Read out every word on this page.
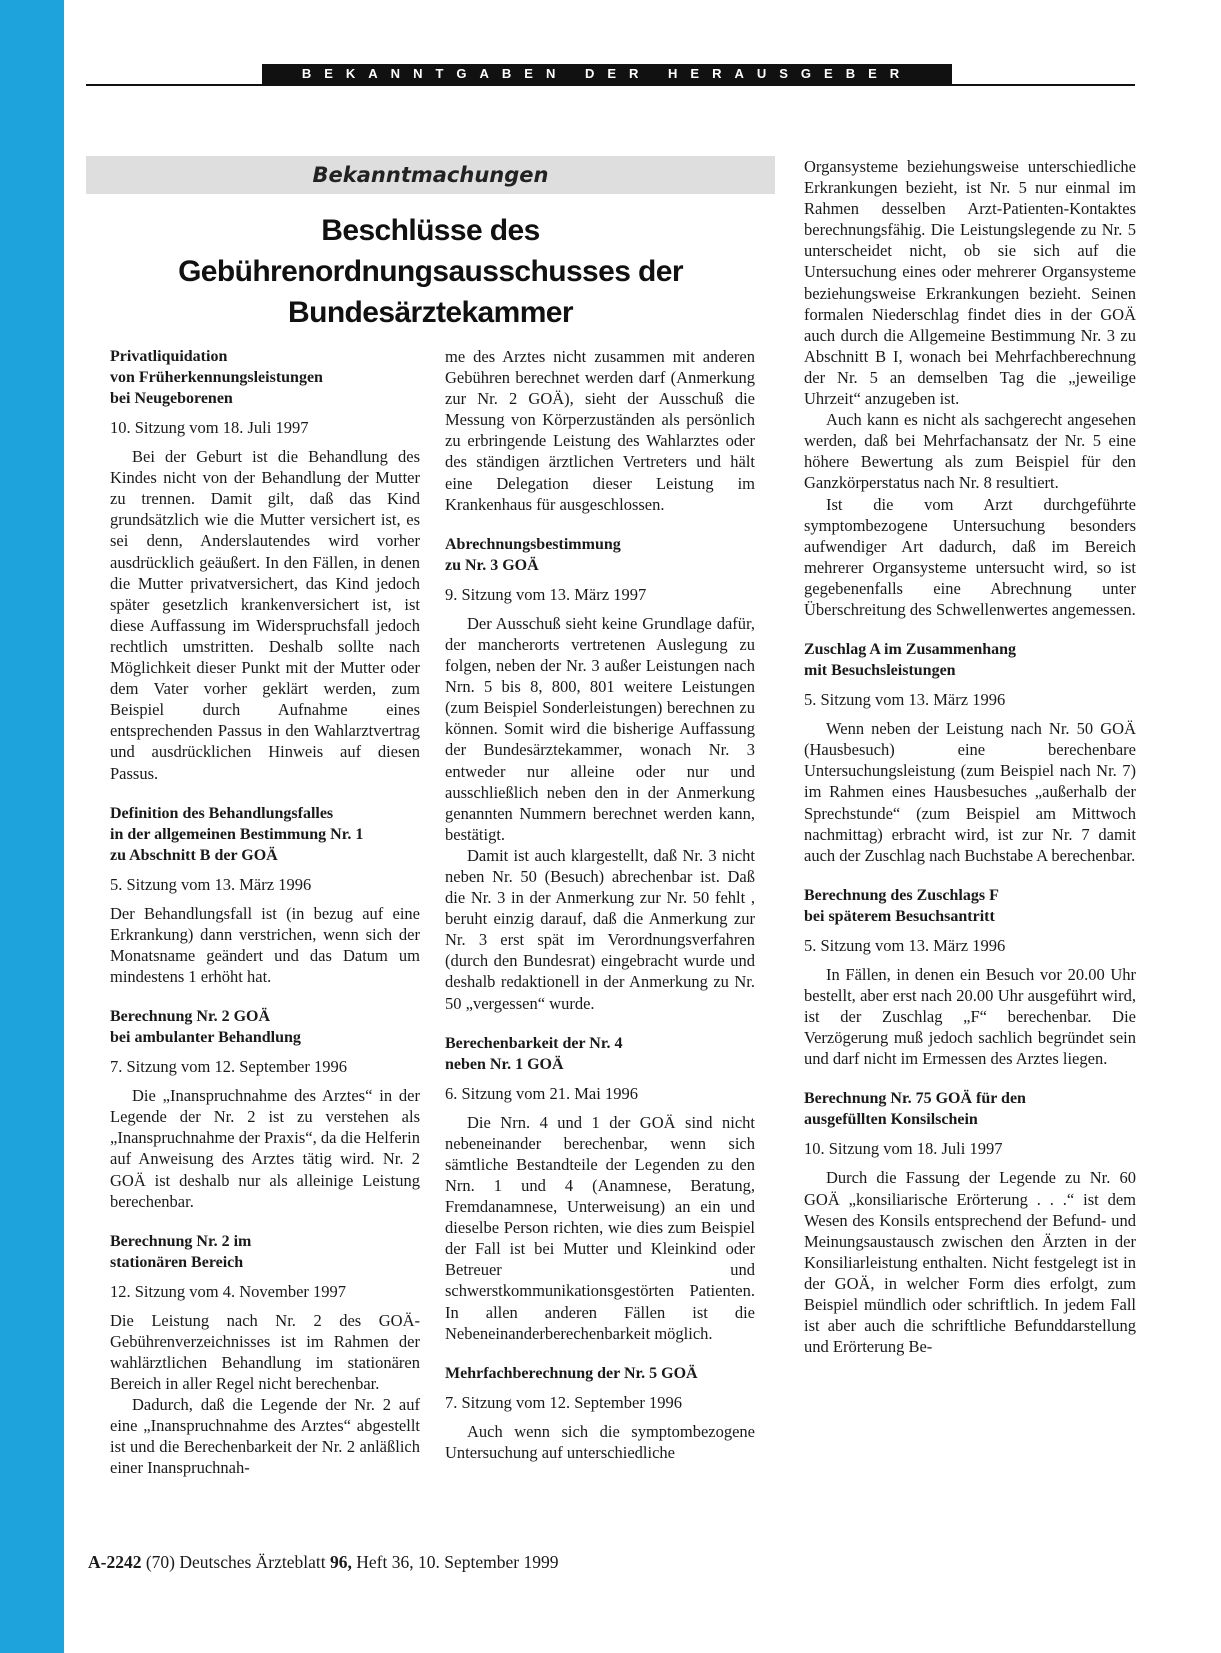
BEKANNTGABEN DER HERAUSGEBER
Bekanntmachungen
Beschlüsse des
Gebührenordnungsausschusses der
Bundesärztekammer
Privatliquidation
von Früherkennungsleistungen
bei Neugeborenen

10. Sitzung vom 18. Juli 1997

Bei der Geburt ist die Behandlung des Kindes nicht von der Behandlung der Mutter zu trennen. Damit gilt, daß das Kind grundsätzlich wie die Mutter versichert ist, es sei denn, Anderslautendes wird vorher ausdrücklich geäußert. In den Fällen, in denen die Mutter privatversichert, das Kind jedoch später gesetzlich krankenversichert ist, ist diese Auffassung im Widerspruchsfall jedoch rechtlich umstritten. Deshalb sollte nach Möglichkeit dieser Punkt mit der Mutter oder dem Vater vorher geklärt werden, zum Beispiel durch Aufnahme eines entsprechenden Passus in den Wahlarztvertrag und ausdrücklichen Hinweis auf diesen Passus.

Definition des Behandlungsfalles
in der allgemeinen Bestimmung Nr. 1
zu Abschnitt B der GOÄ

5. Sitzung vom 13. März 1996

Der Behandlungsfall ist (in bezug auf eine Erkrankung) dann verstrichen, wenn sich der Monatsname geändert und das Datum um mindestens 1 erhöht hat.

Berechnung Nr. 2 GOÄ
bei ambulanter Behandlung

7. Sitzung vom 12. September 1996

Die „Inanspruchnahme des Arztes“ in der Legende der Nr. 2 ist zu verstehen als „Inanspruchnahme der Praxis“, da die Helferin auf Anweisung des Arztes tätig wird. Nr. 2 GOÄ ist deshalb nur als alleinige Leistung berechenbar.

Berechnung Nr. 2 im
stationären Bereich

12. Sitzung vom 4. November 1997

Die Leistung nach Nr. 2 des GOÄ-Gebührenverzeichnisses ist im Rahmen der wahlärztlichen Behandlung im stationären Bereich in aller Regel nicht berechenbar.

Dadurch, daß die Legende der Nr. 2 auf eine „Inanspruchnahme des Arztes“ abgestellt ist und die Berechenbarkeit der Nr. 2 anläßlich einer Inanspruchnah-

me des Arztes nicht zusammen mit anderen Gebühren berechnet werden darf (Anmerkung zur Nr. 2 GOÄ), sieht der Ausschuß die Messung von Körperzuständen als persönlich zu erbringende Leistung des Wahlarztes oder des ständigen ärztlichen Vertreters und hält eine Delegation dieser Leistung im Krankenhaus für ausgeschlossen.

Abrechnungsbestimmung
zu Nr. 3 GOÄ

9. Sitzung vom 13. März 1997

Der Ausschuß sieht keine Grundlage dafür, der mancherorts vertretenen Auslegung zu folgen, neben der Nr. 3 außer Leistungen nach Nrn. 5 bis 8, 800, 801 weitere Leistungen (zum Beispiel Sonderleistungen) berechnen zu können. Somit wird die bisherige Auffassung der Bundesärztekammer, wonach Nr. 3 entweder nur alleine oder nur und ausschließlich neben den in der Anmerkung genannten Nummern berechnet werden kann, bestätigt.

Damit ist auch klargestellt, daß Nr. 3 nicht neben Nr. 50 (Besuch) abrechenbar ist. Daß die Nr. 3 in der Anmerkung zur Nr. 50 fehlt , beruht einzig darauf, daß die Anmerkung zur Nr. 3 erst spät im Verordnungsverfahren (durch den Bundesrat) eingebracht wurde und deshalb redaktionell in der Anmerkung zu Nr. 50 „vergessen“ wurde.

Berechenbarkeit der Nr. 4
neben Nr. 1 GOÄ

6. Sitzung vom 21. Mai 1996

Die Nrn. 4 und 1 der GOÄ sind nicht nebeneinander berechenbar, wenn sich sämtliche Bestandteile der Legenden zu den Nrn. 1 und 4 (Anamnese, Beratung, Fremdanamnese, Unterweisung) an ein und dieselbe Person richten, wie dies zum Beispiel der Fall ist bei Mutter und Kleinkind oder Betreuer und schwerstkommunikationsgestörten Patienten. In allen anderen Fällen ist die Nebeneinanderberechenbarkeit möglich.

Mehrfachberechnung der Nr. 5 GOÄ

7. Sitzung vom 12. September 1996

Auch wenn sich die symptombezogene Untersuchung auf unterschiedliche

Organsysteme beziehungsweise unterschiedliche Erkrankungen bezieht, ist Nr. 5 nur einmal im Rahmen desselben Arzt-Patienten-Kontaktes berechnungsfähig. Die Leistungslegende zu Nr. 5 unterscheidet nicht, ob sie sich auf die Untersuchung eines oder mehrerer Organsysteme beziehungsweise Erkrankungen bezieht. Seinen formalen Niederschlag findet dies in der GOÄ auch durch die Allgemeine Bestimmung Nr. 3 zu Abschnitt B I, wonach bei Mehrfachberechnung der Nr. 5 an demselben Tag die „jeweilige Uhrzeit“ anzugeben ist.

Auch kann es nicht als sachgerecht angesehen werden, daß bei Mehrfachansatz der Nr. 5 eine höhere Bewertung als zum Beispiel für den Ganzkörperstatus nach Nr. 8 resultiert.

Ist die vom Arzt durchgeführte symptombezogene Untersuchung besonders aufwendiger Art dadurch, daß im Bereich mehrerer Organsysteme untersucht wird, so ist gegebenenfalls eine Abrechnung unter Überschreitung des Schwellenwertes angemessen.

Zuschlag A im Zusammenhang
mit Besuchsleistungen

5. Sitzung vom 13. März 1996

Wenn neben der Leistung nach Nr. 50 GOÄ (Hausbesuch) eine berechenbare Untersuchungsleistung (zum Beispiel nach Nr. 7) im Rahmen eines Hausbesuches „außerhalb der Sprechstunde“ (zum Beispiel am Mittwoch nachmittag) erbracht wird, ist zur Nr. 7 damit auch der Zuschlag nach Buchstabe A berechenbar.

Berechnung des Zuschlags F
bei späterem Besuchsantritt

5. Sitzung vom 13. März 1996

In Fällen, in denen ein Besuch vor 20.00 Uhr bestellt, aber erst nach 20.00 Uhr ausgeführt wird, ist der Zuschlag „F“ berechenbar. Die Verzögerung muß jedoch sachlich begründet sein und darf nicht im Ermessen des Arztes liegen.

Berechnung Nr. 75 GOÄ für den
ausgefüllten Konsilschein

10. Sitzung vom 18. Juli 1997

Durch die Fassung der Legende zu Nr. 60 GOÄ „konsiliarische Erörterung . . .“ ist dem Wesen des Konsils entsprechend der Befund- und Meinungsaustausch zwischen den Ärzten in der Konsiliarleistung enthalten. Nicht festgelegt ist in der GOÄ, in welcher Form dies erfolgt, zum Beispiel mündlich oder schriftlich. In jedem Fall ist aber auch die schriftliche Befunddarstellung und Erörterung Be-

A-2242 (70) Deutsches Ärzteblatt 96, Heft 36, 10. September 1999
